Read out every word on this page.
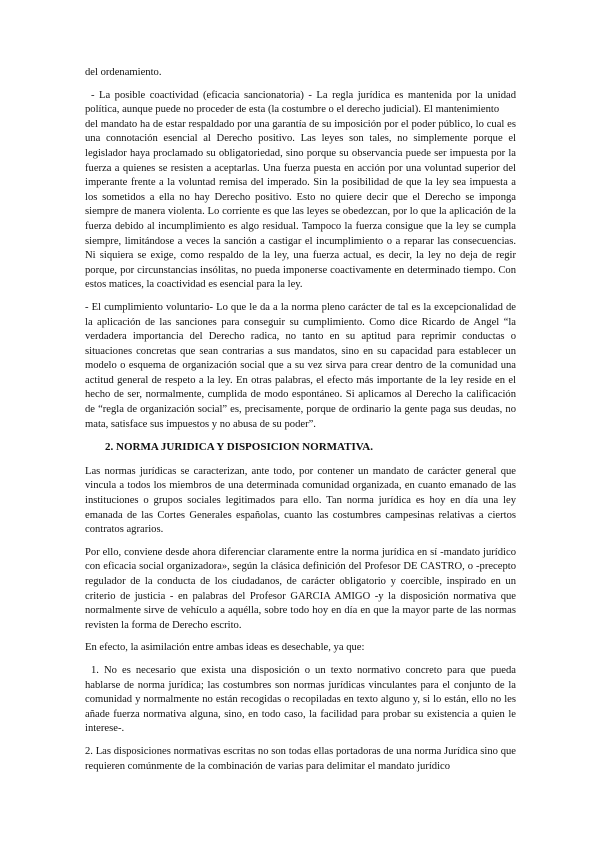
del ordenamiento.

- La posible coactividad (eficacia sancionatoria) - La regla jurídica es mantenida por la unidad política, aunque puede no proceder de esta (la costumbre o el derecho judicial). El mantenimiento

del mandato ha de estar respaldado por una garantía de su imposición por el poder público, lo cual es una connotación esencial al Derecho positivo. Las leyes son tales, no simplemente porque el legislador haya proclamado su obligatoriedad, sino porque su observancia puede ser impuesta por la fuerza a quienes se resisten a aceptarlas. Una fuerza puesta en acción por una voluntad superior del imperante frente a la voluntad remisa del imperado. Sin la posibilidad de que la ley sea impuesta a los sometidos a ella no hay Derecho positivo. Esto no quiere decir que el Derecho se imponga siempre de manera violenta. Lo corriente es que las leyes se obedezcan, por lo que la aplicación de la fuerza debido al incumplimiento es algo residual. Tampoco la fuerza consigue que la ley se cumpla siempre, limitándose a veces la sanción a castigar el incumplimiento o a reparar las consecuencias. Ni siquiera se exige, como respaldo de la ley, una fuerza actual, es decir, la ley no deja de regir porque, por circunstancias insólitas, no pueda imponerse coactivamente en determinado tiempo. Con estos matices, la coactividad es esencial para la ley.

- El cumplimiento voluntario- Lo que le da a la norma pleno carácter de tal es la excepcionalidad de la aplicación de las sanciones para conseguir su cumplimiento. Como dice Ricardo de Angel “la verdadera importancia del Derecho radica, no tanto en su aptitud para reprimir conductas o situaciones concretas que sean contrarias a sus mandatos, sino en su capacidad para establecer un modelo o esquema de organización social que a su vez sirva para crear dentro de la comunidad una actitud general de respeto a la ley. En otras palabras, el efecto más importante de la ley reside en el hecho de ser, normalmente, cumplida de modo espontáneo. Si aplicamos al Derecho la calificación de “regla de organización social” es, precisamente, porque de ordinario la gente paga sus deudas, no mata, satisface sus impuestos y no abusa de su poder”.

2. NORMA JURIDICA Y DISPOSICION NORMATIVA.

Las normas jurídicas se caracterizan, ante todo, por contener un mandato de carácter general que vincula a todos los miembros de una determinada comunidad organizada, en cuanto emanado de las instituciones o grupos sociales legitimados para ello. Tan norma jurídica es hoy en día una ley emanada de las Cortes Generales españolas, cuanto las costumbres campesinas relativas a ciertos contratos agrarios.

Por ello, conviene desde ahora diferenciar claramente entre la norma jurídica en sí -mandato jurídico con eficacia social organizadora», según la clásica definición del Profesor DE CASTRO, o -precepto regulador de la conducta de los ciudadanos, de carácter obligatorio y coercible, inspirado en un criterio de justicia - en palabras del Profesor GARCIA AMIGO -y la disposición normativa que normalmente sirve de vehículo a aquélla, sobre todo hoy en día en que la mayor parte de las normas revisten la forma de Derecho escrito.

En efecto, la asimilación entre ambas ideas es desechable, ya que:

1. No es necesario que exista una disposición o un texto normativo concreto para que pueda hablarse de norma jurídica; las costumbres son normas jurídicas vinculantes para el conjunto de la comunidad y normalmente no están recogidas o recopiladas en texto alguno y, si lo están, ello no les añade fuerza normativa alguna, sino, en todo caso, la facilidad para probar su existencia a quien le interese-.

2. Las disposiciones normativas escritas no son todas ellas portadoras de una norma Jurídica sino que requieren comúnmente de la combinación de varias para delimitar el mandato jurídico
